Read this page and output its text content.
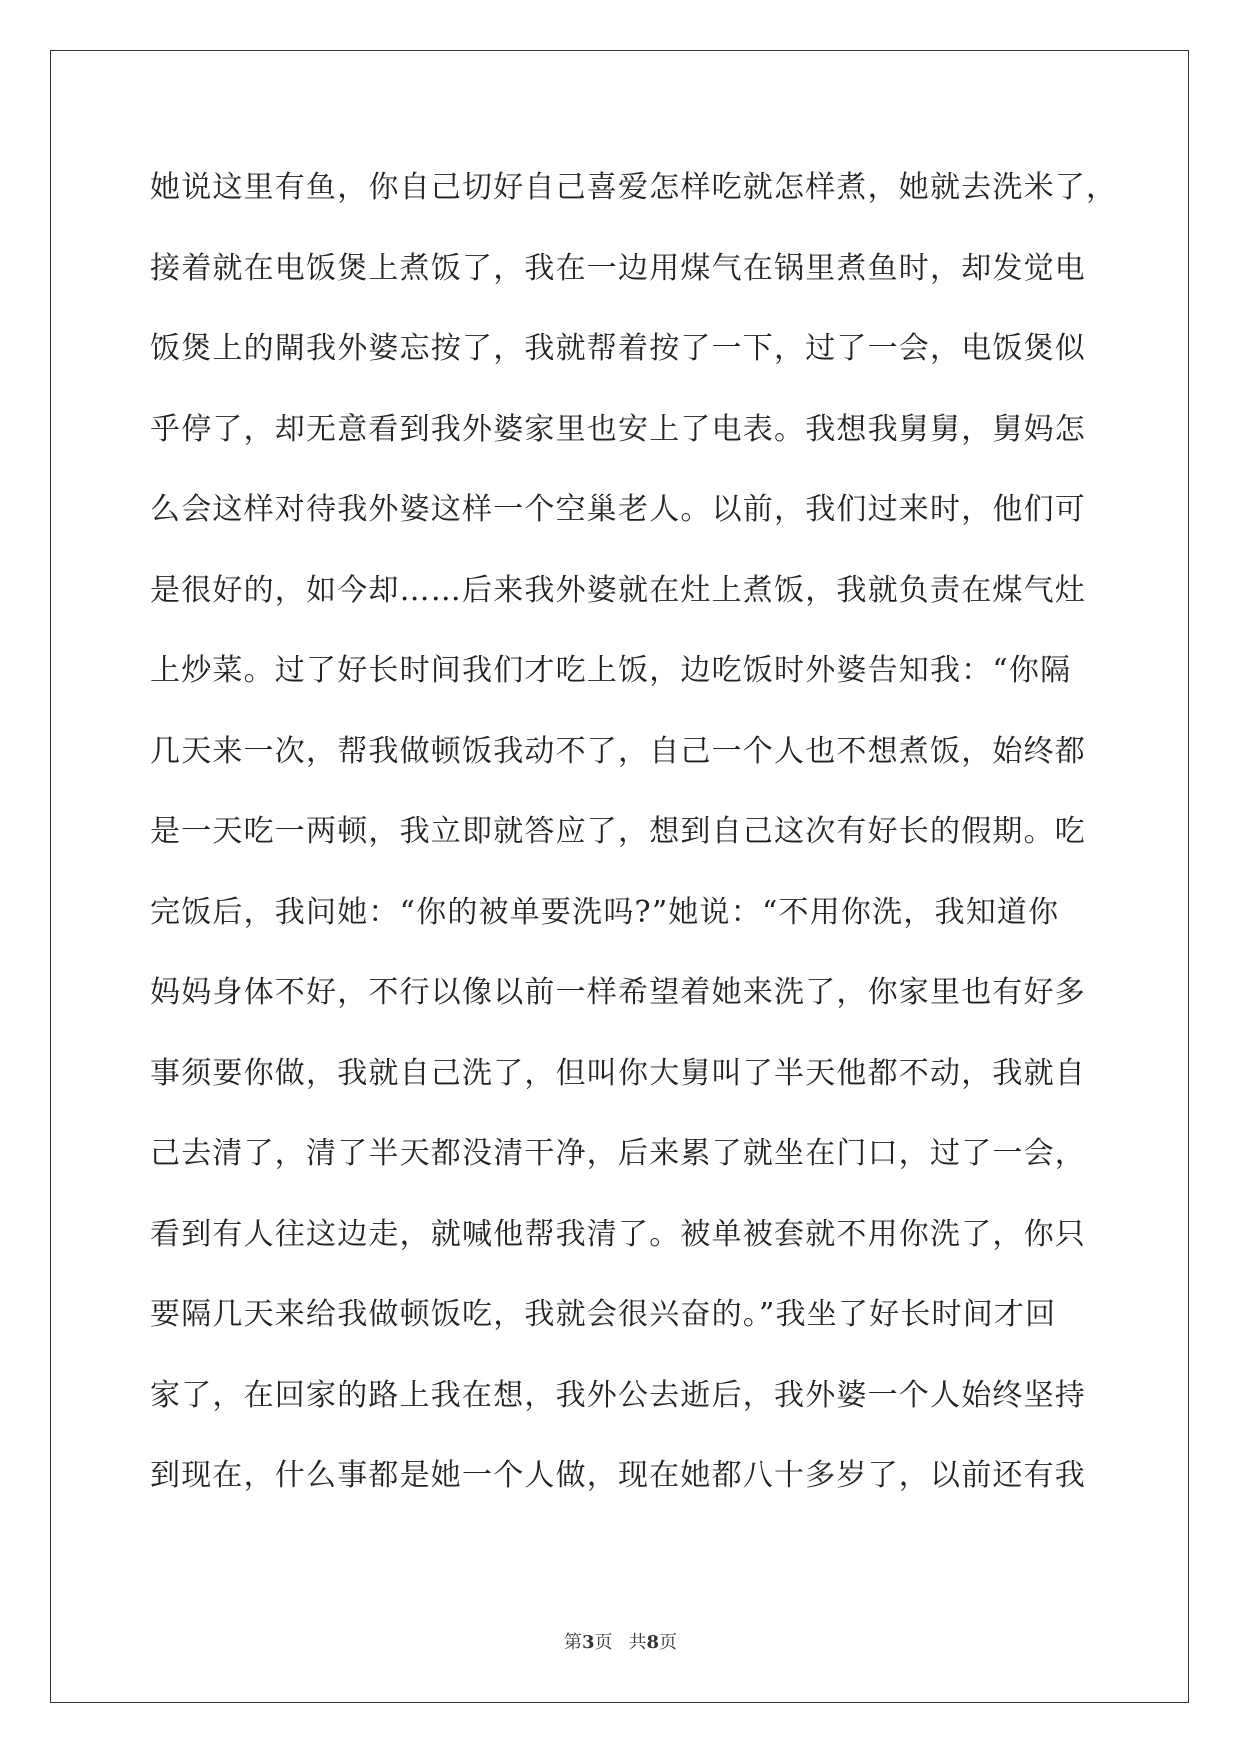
她说这里有鱼，你自己切好自己喜爱怎样吃就怎样煮，她就去洗米了，
接着就在电饭煲上煮饭了，我在一边用煤气在锅里煮鱼时，却发觉电
饭煲上的閘我外婆忘按了，我就帮着按了一下，过了一会，电饭煲似
乎停了，却无意看到我外婆家里也安上了电表。我想我舅舅，舅妈怎
么会这样对待我外婆这样一个空巢老人。以前，我们过来时，他们可
是很好的，如今却……后来我外婆就在灶上煮饭，我就负责在煤气灶
上炒菜。过了好长时间我们才吃上饭，边吃饭时外婆告知我：“你隔
几天来一次，帮我做顿饭我动不了，自己一个人也不想煮饭，始终都
是一天吃一两顿，我立即就答应了，想到自己这次有好长的假期。吃
完饭后，我问她：“你的被单要洗吗?”她说：“不用你洗，我知道你
妈妈身体不好，不行以像以前一样希望着她来洗了，你家里也有好多
事须要你做，我就自己洗了，但叫你大舅叫了半天他都不动，我就自
己去清了，清了半天都没清干净，后来累了就坐在门口，过了一会，
看到有人往这边走，就喊他帮我清了。被单被套就不用你洗了，你只
要隔几天来给我做顿饭吃，我就会很兴奋的。”我坐了好长时间才回
家了，在回家的路上我在想，我外公去逝后，我外婆一个人始终坚持
到现在，什么事都是她一个人做，现在她都八十多岁了，以前还有我
第3页 共8页
